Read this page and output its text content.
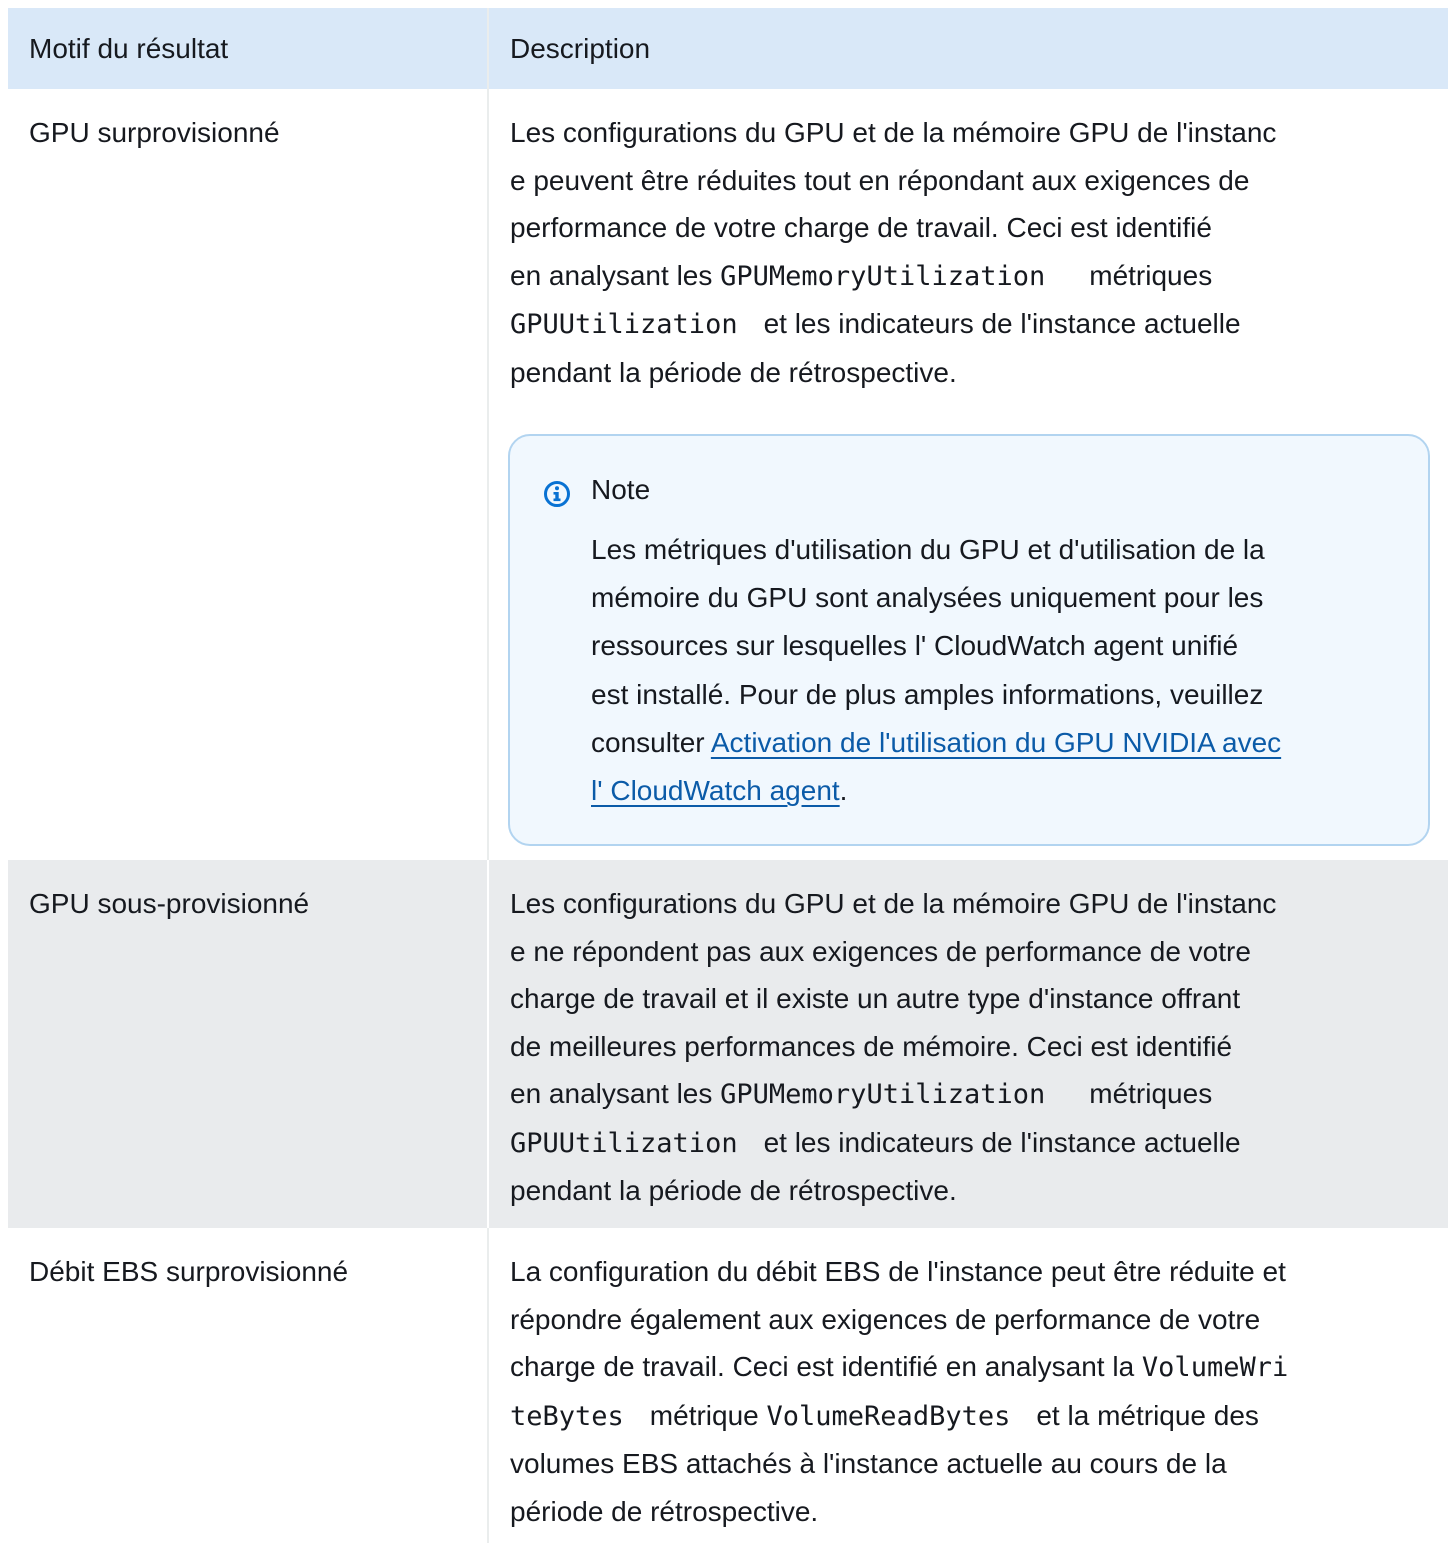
Motif du résultat	Description
GPU surprovisionné	Les configurations du GPU et de la mémoire GPU de l'instanc
e peuvent être réduites tout en répondant aux exigences de
performance de votre charge de travail. Ceci est identifié
en analysant les GPUMemoryUtilization métriques
GPUUtilization et les indicateurs de l'instance actuelle
pendant la période de rétrospective.
Note
Les métriques d'utilisation du GPU et d'utilisation de la
mémoire du GPU sont analysées uniquement pour les
ressources sur lesquelles l' CloudWatch agent unifié
est installé. Pour de plus amples informations, veuillez
consulter Activation de l'utilisation du GPU NVIDIA avec
l' CloudWatch agent.
GPU sous-provisionné	Les configurations du GPU et de la mémoire GPU de l'instanc
e ne répondent pas aux exigences de performance de votre
charge de travail et il existe un autre type d'instance offrant
de meilleures performances de mémoire. Ceci est identifié
en analysant les GPUMemoryUtilization métriques
GPUUtilization et les indicateurs de l'instance actuelle
pendant la période de rétrospective.
Débit EBS surprovisionné	La configuration du débit EBS de l'instance peut être réduite et
répondre également aux exigences de performance de votre
charge de travail. Ceci est identifié en analysant la VolumeWri
teBytes métrique VolumeReadBytes et la métrique des
volumes EBS attachés à l'instance actuelle au cours de la
période de rétrospective.
